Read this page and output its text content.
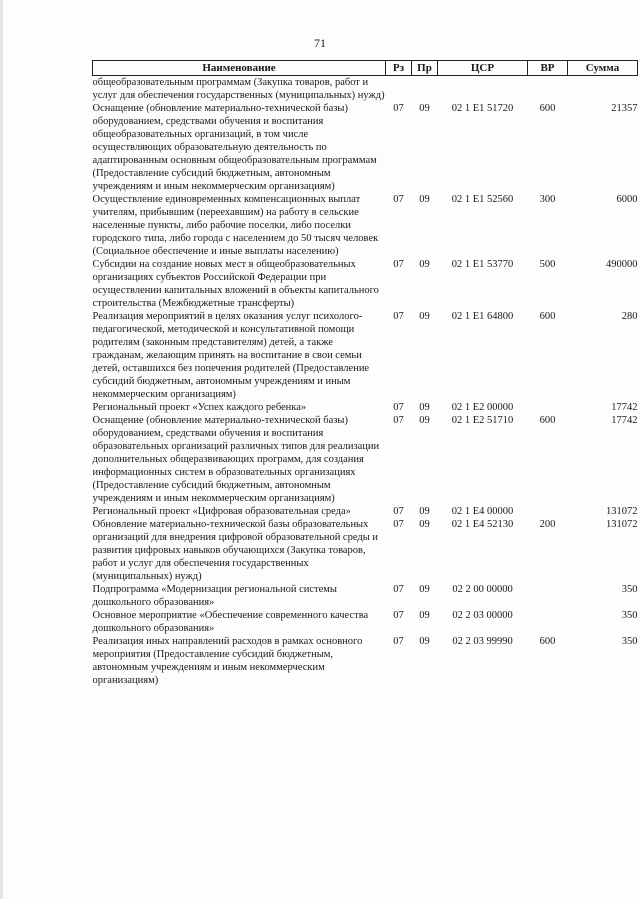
71
Наименование	Рз	Пр	ЦСР	ВР	Сумма
общеобразовательным программам (Закупка товаров, работ и услуг для обеспечения государственных (муниципальных) нужд)					
Оснащение (обновление материально-технической базы) оборудованием, средствами обучения и воспитания общеобразовательных организаций, в том числе осуществляющих образовательную деятельность по адаптированным основным общеобразовательным программам (Предоставление субсидий бюджетным, автономным учреждениям и иным некоммерческим организациям)	07	09	02 1 E1 51720	600	21357
Осуществление единовременных компенсационных выплат учителям, прибывшим (переехавшим) на работу в сельские населенные пункты, либо рабочие поселки, либо поселки городского типа, либо города с населением до 50 тысяч человек (Социальное обеспечение и иные выплаты населению)	07	09	02 1 E1 52560	300	6000
Субсидии на создание новых мест в общеобразовательных организациях субъектов Российской Федерации при осуществлении капитальных вложений в объекты капитального строительства (Межбюджетные трансферты)	07	09	02 1 E1 53770	500	490000
Реализация мероприятий в целях оказания услуг психолого-педагогической, методической и консультативной помощи родителям (законным представителям) детей, а также гражданам, желающим принять на воспитание в свои семьи детей, оставшихся без попечения родителей (Предоставление субсидий бюджетным, автономным учреждениям и иным некоммерческим организациям)	07	09	02 1 E1 64800	600	280
Региональный проект «Успех каждого ребенка»	07	09	02 1 E2 00000		17742
Оснащение (обновление материально-технической базы) оборудованием, средствами обучения и воспитания образовательных организаций различных типов для реализации дополнительных общеразвивающих программ, для создания информационных систем в образовательных организациях (Предоставление субсидий бюджетным, автономным учреждениям и иным некоммерческим организациям)	07	09	02 1 E2 51710	600	17742
Региональный проект «Цифровая образовательная среда»	07	09	02 1 E4 00000		131072
Обновление материально-технической базы образовательных организаций для внедрения цифровой образовательной среды и развития цифровых навыков обучающихся (Закупка товаров, работ и услуг для обеспечения государственных (муниципальных) нужд)	07	09	02 1 E4 52130	200	131072
Подпрограмма «Модернизация региональной системы дошкольного образования»	07	09	02 2 00 00000		350
Основное мероприятие «Обеспечение современного качества дошкольного образования»	07	09	02 2 03 00000		350
Реализация иных направлений расходов в рамках основного мероприятия (Предоставление субсидий бюджетным, автономным учреждениям и иным некоммерческим организациям)	07	09	02 2 03 99990	600	350
